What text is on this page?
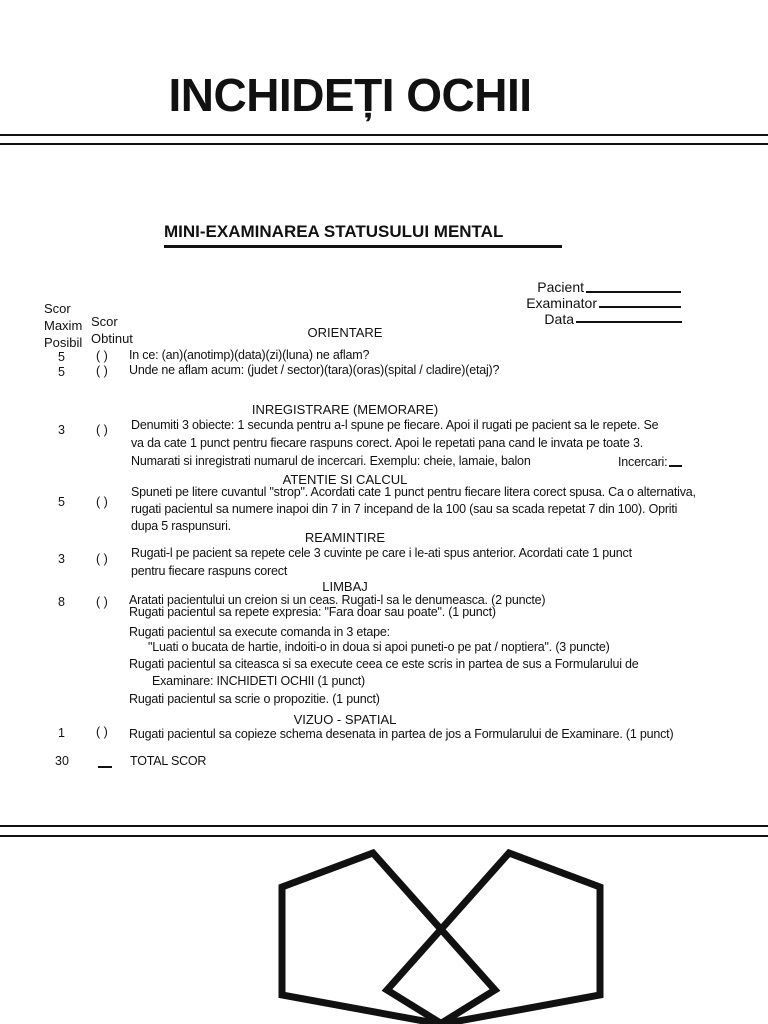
INCHIDEȚI OCHII
MINI-EXAMINAREA STATUSULUI MENTAL
Pacient
Examinator
Data
Scor
Maxim
Posibil
Scor
Obtinut	ORIENTARE
5 ( ) In ce: (an)(anotimp)(data)(zi)(luna) ne aflam?
5 ( ) Unde ne aflam acum: (judet / sector)(tara)(oras)(spital / cladire)(etaj)?
INREGISTRARE (MEMORARE)
3 ( ) Denumiti 3 obiecte: 1 secunda pentru a-l spune pe fiecare. Apoi il rugati pe pacient sa le repete. Se
va da cate 1 punct pentru fiecare raspuns corect. Apoi le repetati pana cand le invata pe toate 3.
Numarati si inregistrati numarul de incercari. Exemplu: cheie, lamaie, balon	Incercari:
ATENTIE SI CALCUL
5 ( )
Spuneti pe litere cuvantul "strop". Acordati cate 1 punct pentru fiecare litera corect spusa. Ca o alternativa,
rugati pacientul sa numere inapoi din 7 in 7 incepand de la 100 (sau sa scada repetat 7 din 100). Opriti
dupa 5 raspunsuri.
REAMINTIRE
3 ( ) Rugati-l pe pacient sa repete cele 3 cuvinte pe care i le-ati spus anterior. Acordati cate 1 punct
pentru fiecare raspuns corect
LIMBAJ
8 ( ) Aratati pacientului un creion si un ceas. Rugati-l sa le denumeasca. (2 puncte)
Rugati pacientul sa repete expresia: "Fara doar sau poate". (1 punct)
Rugati pacientul sa execute comanda in 3 etape:
"Luati o bucata de hartie, indoiti-o in doua si apoi puneti-o pe pat / noptiera". (3 puncte)
Rugati pacientul sa citeasca si sa execute ceea ce este scris in partea de sus a Formularului de
Examinare: INCHIDETI OCHII (1 punct)
Rugati pacientul sa scrie o propozitie. (1 punct)
VIZUO - SPATIAL
1 ( ) Rugati pacientul sa copieze schema desenata in partea de jos a Formularului de Examinare. (1 punct)
30	TOTAL SCOR
